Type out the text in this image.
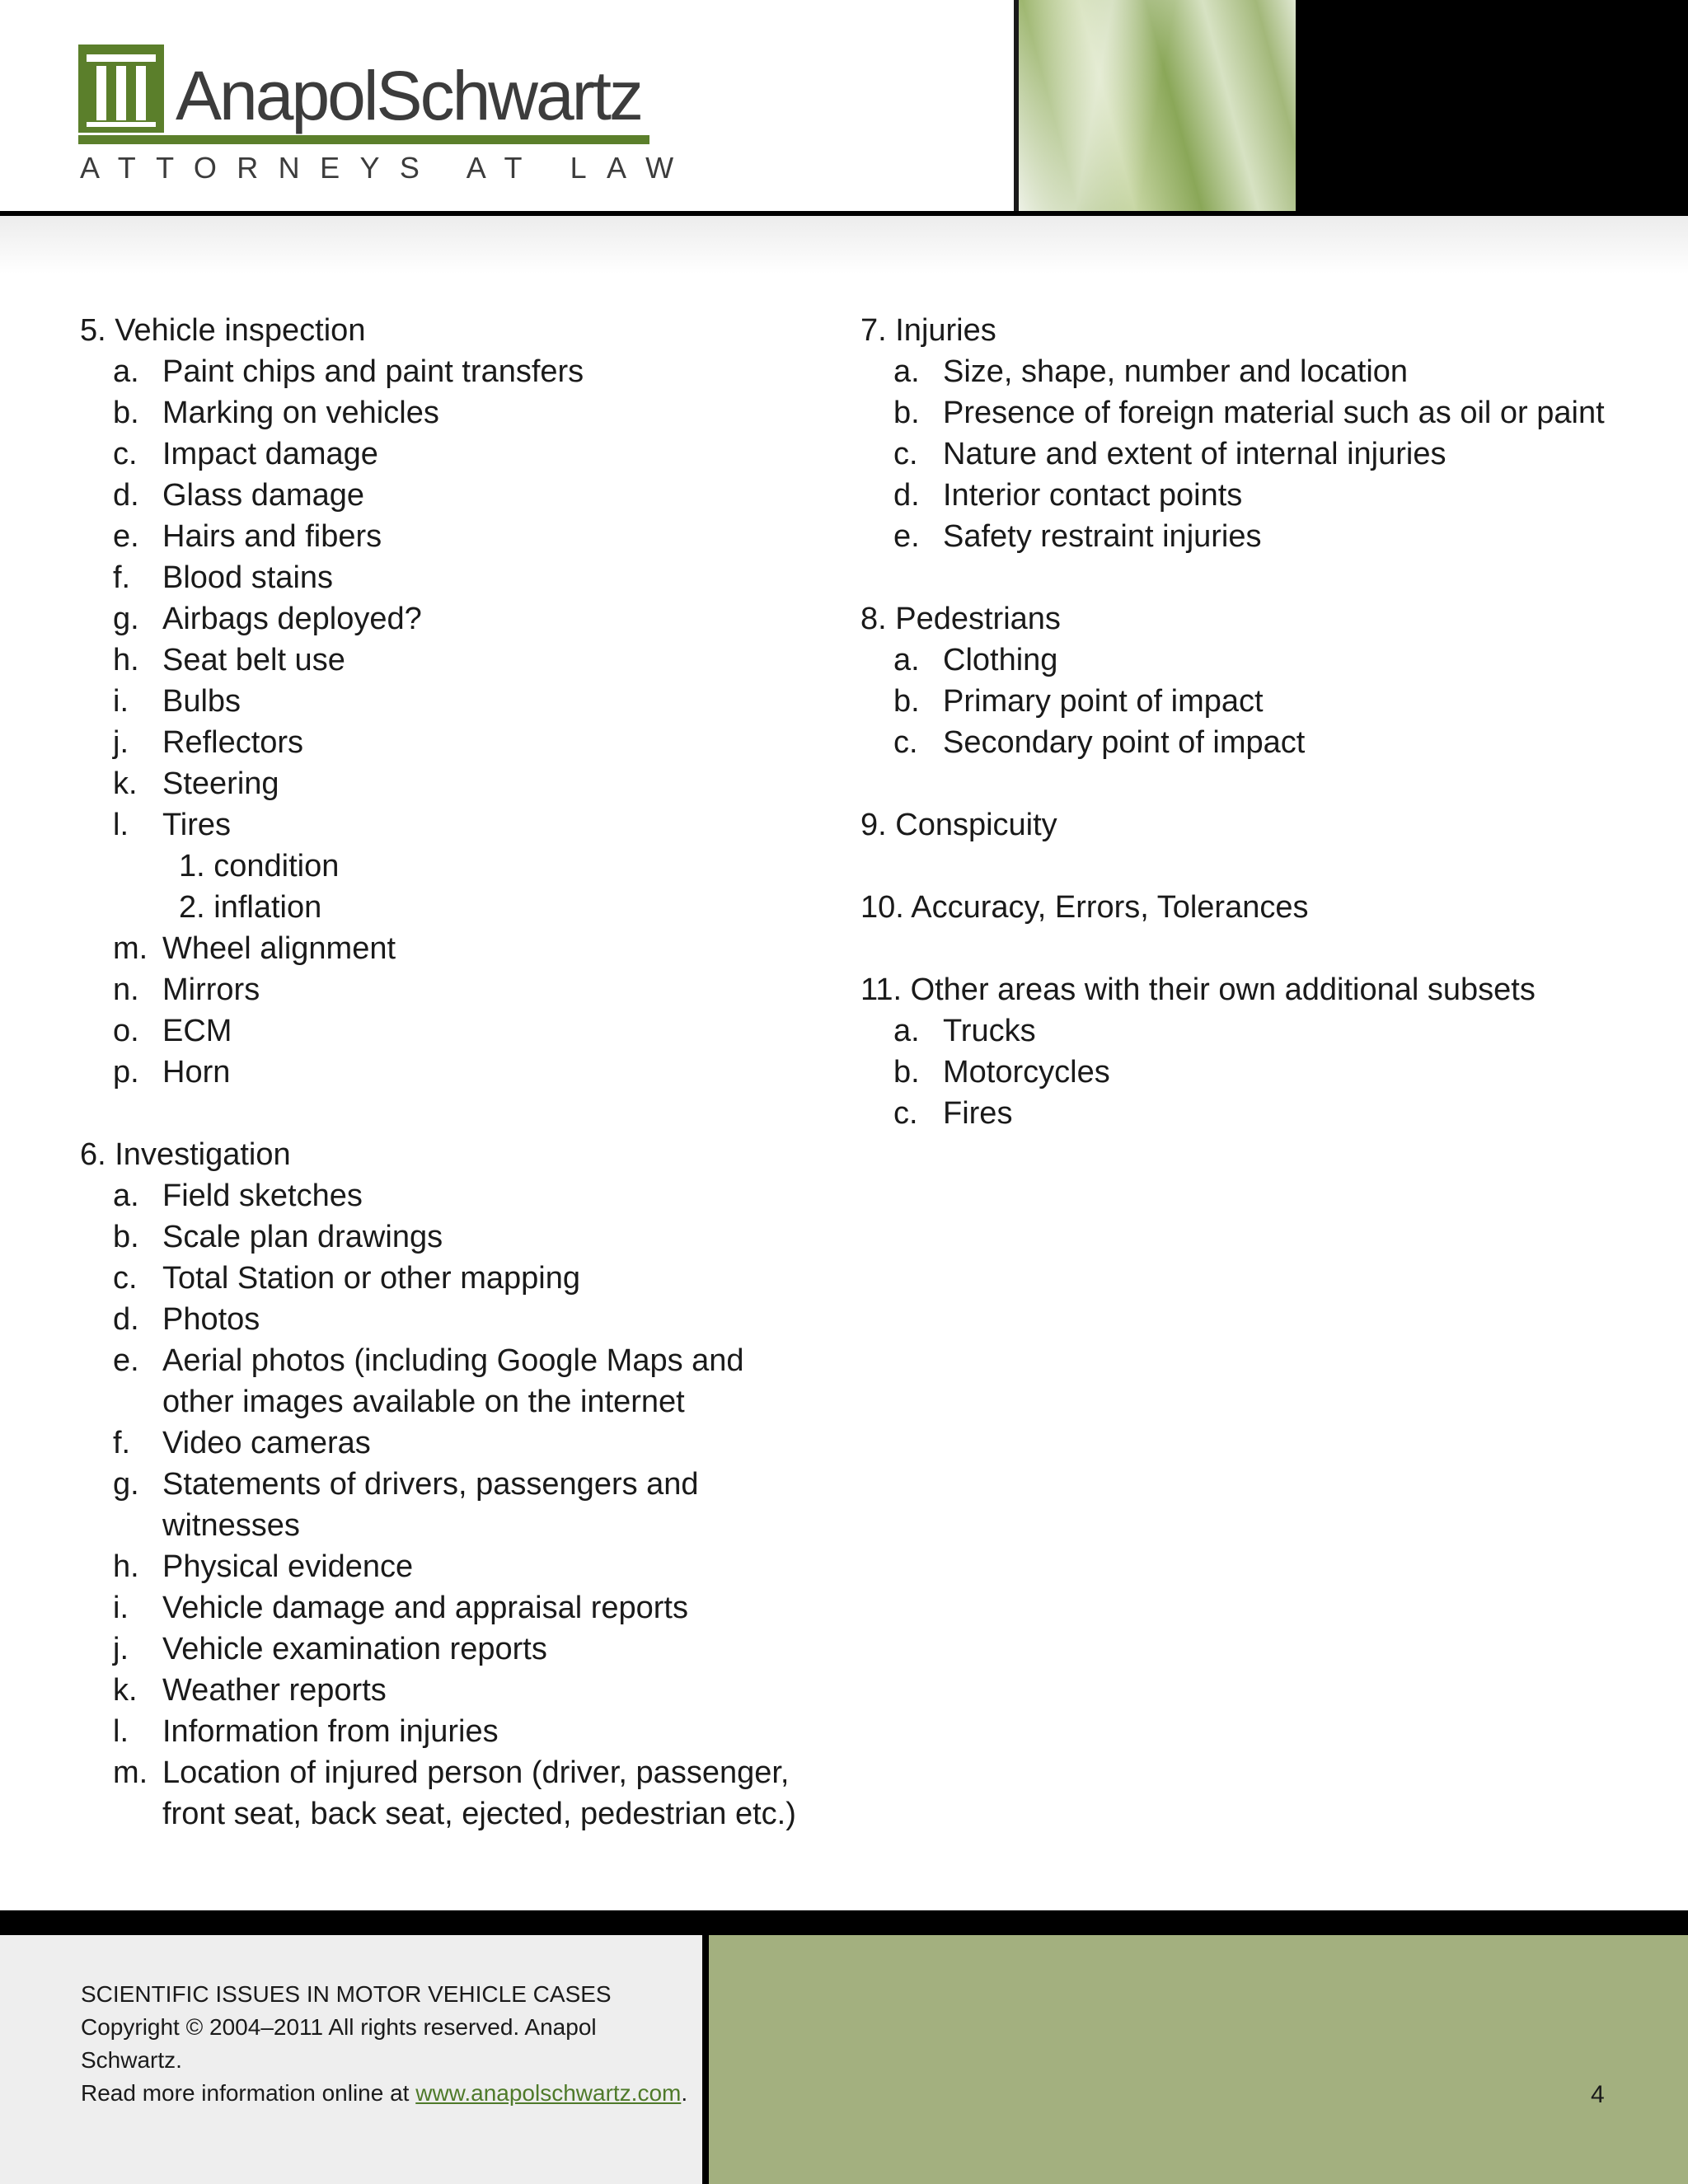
AnapolSchwartz
ATTORNEYS AT LAW
5. Vehicle inspection
a. Paint chips and paint transfers
b. Marking on vehicles
c. Impact damage
d. Glass damage
e. Hairs and fibers
f. Blood stains
g. Airbags deployed?
h. Seat belt use
i. Bulbs
j. Reflectors
k. Steering
l. Tires
1. condition
2. inflation
m. Wheel alignment
n. Mirrors
o. ECM
p. Horn
6. Investigation
a. Field sketches
b. Scale plan drawings
c. Total Station or other mapping
d. Photos
e. Aerial photos (including Google Maps and other images available on the internet
f. Video cameras
g. Statements of drivers, passengers and witnesses
h. Physical evidence
i. Vehicle damage and appraisal reports
j. Vehicle examination reports
k. Weather reports
l. Information from injuries
m. Location of injured person (driver, passenger, front seat, back seat, ejected, pedestrian etc.)
7. Injuries
a. Size, shape, number and location
b. Presence of foreign material such as oil or paint
c. Nature and extent of internal injuries
d. Interior contact points
e. Safety restraint injuries
8. Pedestrians
a. Clothing
b. Primary point of impact
c. Secondary point of impact
9. Conspicuity
10. Accuracy, Errors, Tolerances
11. Other areas with their own additional subsets
a. Trucks
b. Motorcycles
c. Fires
SCIENTIFIC ISSUES IN MOTOR VEHICLE CASES
Copyright © 2004–2011 All rights reserved. Anapol Schwartz.
Read more information online at www.anapolschwartz.com.	4
